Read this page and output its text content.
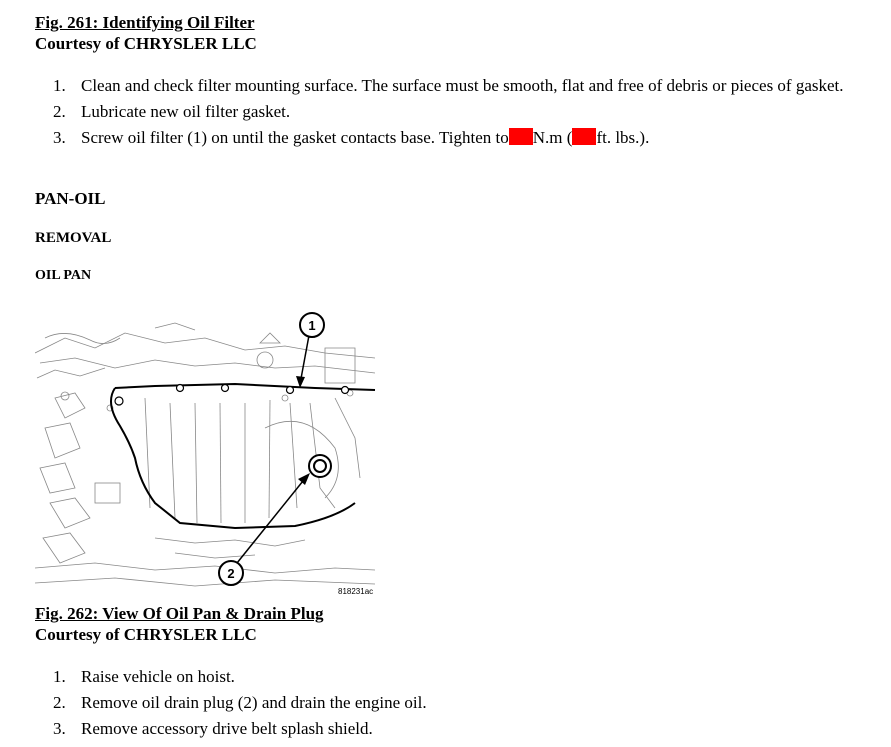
Fig. 261: Identifying Oil Filter
Courtesy of CHRYSLER LLC
1. Clean and check filter mounting surface. The surface must be smooth, flat and free of debris or pieces of gasket.
2. Lubricate new oil filter gasket.
3. Screw oil filter (1) on until the gasket contacts base. Tighten to N.m ( ft. lbs.).
PAN-OIL
REMOVAL
OIL PAN
1
2
818231ac
Fig. 262: View Of Oil Pan & Drain Plug
Courtesy of CHRYSLER LLC
1. Raise vehicle on hoist.
2. Remove oil drain plug (2) and drain the engine oil.
3. Remove accessory drive belt splash shield.
